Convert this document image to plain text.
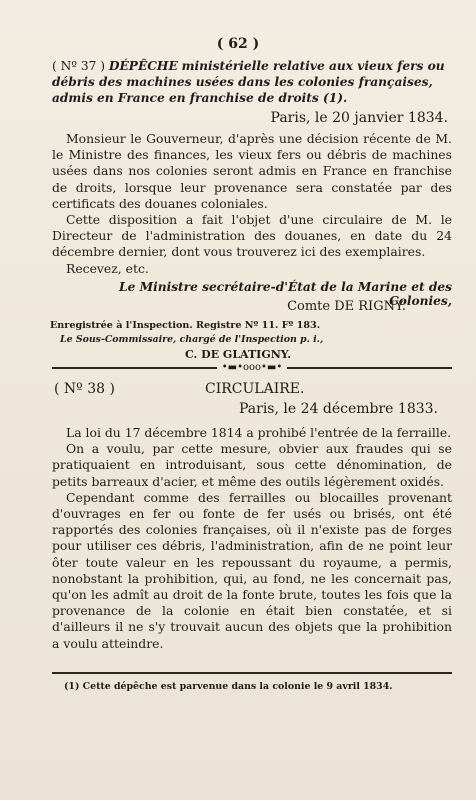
( 62 )
( Nº 37 ) DÉPÊCHE ministérielle relative aux vieux fers ou débris des machines usées dans les colonies françaises, admis en France en franchise de droits (1).
Paris, le 20 janvier 1834.

Monsieur le Gouverneur, d'après une décision récente de M. le Ministre des finances, les vieux fers ou débris de machines usées dans nos colonies seront admis en France en franchise de droits, lorsque leur provenance sera constatée par des certificats des douanes coloniales.

Cette disposition a fait l'objet d'une circulaire de M. le Directeur de l'administration des douanes, en date du 24 décembre dernier, dont vous trouverez ici des exemplaires.

Recevez, etc.

Le Ministre secrétaire-d'État de la Marine et des Colonies,
Comte DE RIGNY.
Enregistrée à l'Inspection. Registre Nº 11. Fº 183.
Le Sous-Commissaire, chargé de l'Inspection p. i.,
C. DE GLATIGNY.
•▬•ooo•▬•
( Nº 38 )	CIRCULAIRE.
Paris, le 24 décembre 1833.

La loi du 17 décembre 1814 a prohibé l'entrée de la ferraille.

On a voulu, par cette mesure, obvier aux fraudes qui se pratiquaient en introduisant, sous cette dénomination, de petits barreaux d'acier, et même des outils légèrement oxidés.

Cependant comme des ferrailles ou blocailles provenant d'ouvrages en fer ou fonte de fer usés ou brisés, ont été rapportés des colonies françaises, où il n'existe pas de forges pour utiliser ces débris, l'administration, afin de ne point leur ôter toute valeur en les repoussant du royaume, a permis, nonobstant la prohibition, qui, au fond, ne les concernait pas, qu'on les admît au droit de la fonte brute, toutes les fois que la provenance de la colonie en était bien constatée, et si d'ailleurs il ne s'y trouvait aucun des objets que la prohibition a voulu atteindre.

(1) Cette dépêche est parvenue dans la colonie le 9 avril 1834.
